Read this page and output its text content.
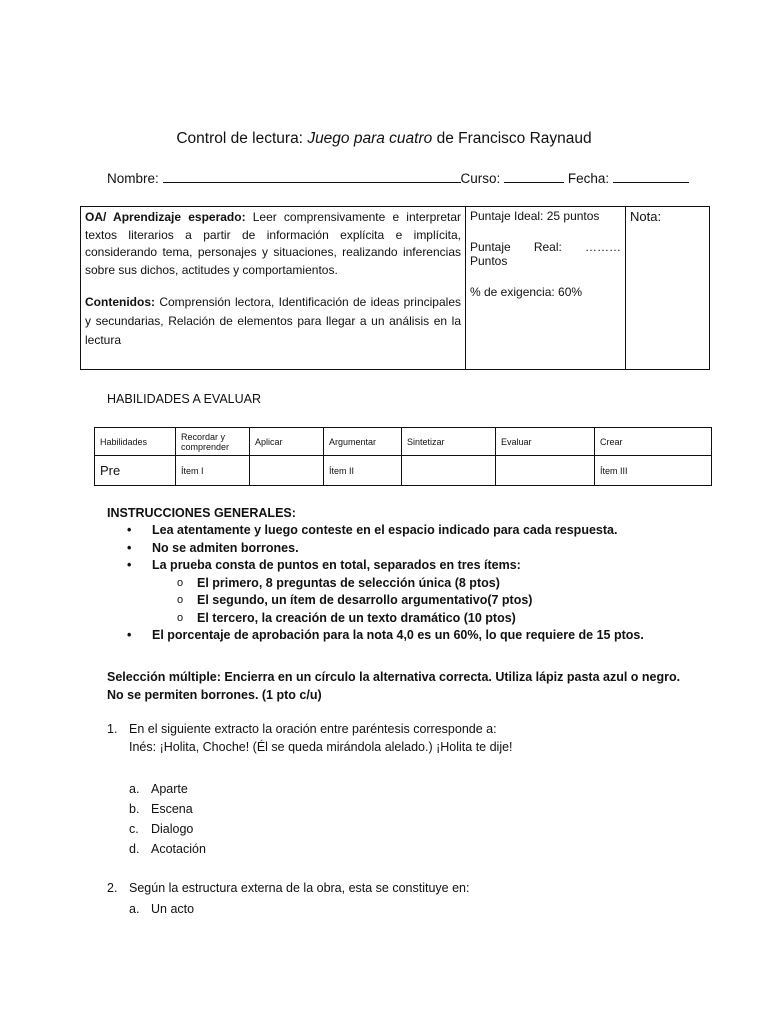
Control de lectura: Juego para cuatro de Francisco Raynaud
Nombre:	Curso:	Fecha:
OA/ Aprendizaje esperado: Leer comprensivamente e interpretar textos literarios a partir de información explícita e implícita, considerando tema, personajes y situaciones, realizando inferencias sobre sus dichos, actitudes y comportamientos.
Contenidos: Comprensión lectora, Identificación de ideas principales y secundarias, Relación de elementos para llegar a un análisis en la lectura

Puntaje Ideal: 25 puntos
Puntaje Real: ………
Puntos
% de exigencia: 60%

Nota:
HABILIDADES A EVALUAR
Habilidades	Recordar y comprender	Aplicar	Argumentar	Sintetizar	Evaluar	Crear
Pre	Ítem I		Ítem II			Ítem III
INSTRUCCIONES GENERALES:
• Lea atentamente y luego conteste en el espacio indicado para cada respuesta.
• No se admiten borrones.
• La prueba consta de puntos en total, separados en tres ítems:
o El primero, 8 preguntas de selección única (8 ptos)
o El segundo, un ítem de desarrollo argumentativo(7 ptos)
o El tercero, la creación de un texto dramático (10 ptos)
• El porcentaje de aprobación para la nota 4,0 es un 60%, lo que requiere de 15 ptos.
Selección múltiple: Encierra en un círculo la alternativa correcta. Utiliza lápiz pasta azul o negro.
No se permiten borrones. (1 pto c/u)
1. En el siguiente extracto la oración entre paréntesis corresponde a:
Inés: ¡Holita, Choche! (Él se queda mirándola alelado.) ¡Holita te dije!
a. Aparte
b. Escena
c. Dialogo
d. Acotación
2. Según la estructura externa de la obra, esta se constituye en:
a. Un acto
